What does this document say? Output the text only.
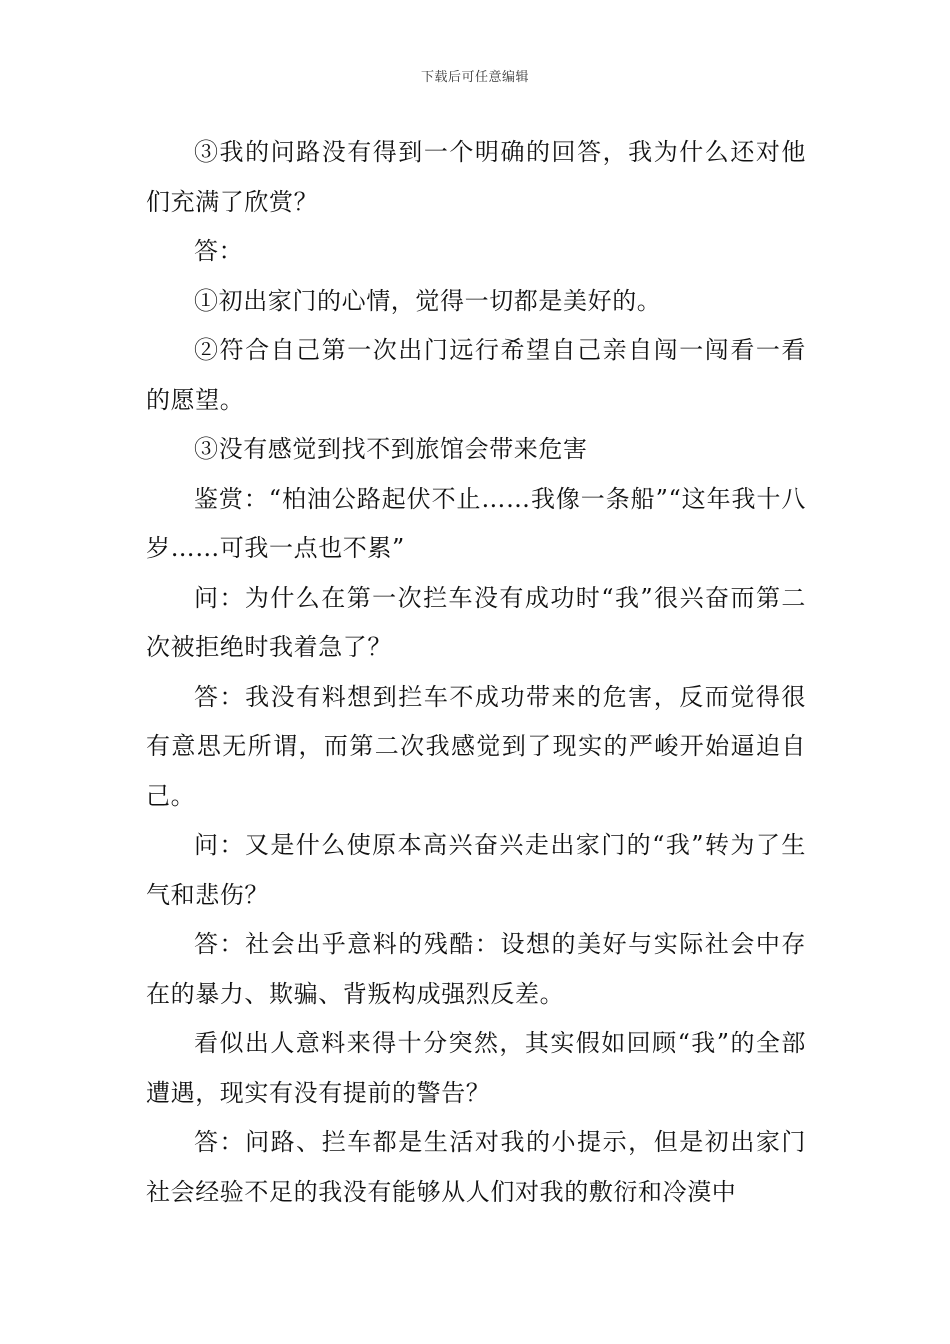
下载后可任意编辑

③我的问路没有得到一个明确的回答，我为什么还对他们充满了欣赏？

答：

①初出家门的心情，觉得一切都是美好的。

②符合自己第一次出门远行希望自己亲自闯一闯看一看的愿望。

③没有感觉到找不到旅馆会带来危害

鉴赏：“柏油公路起伏不止……我像一条船”“这年我十八岁……可我一点也不累”

问：为什么在第一次拦车没有成功时“我”很兴奋而第二次被拒绝时我着急了？

答：我没有料想到拦车不成功带来的危害，反而觉得很有意思无所谓，而第二次我感觉到了现实的严峻开始逼迫自己。

问：又是什么使原本高兴奋兴走出家门的“我”转为了生气和悲伤？

答：社会出乎意料的残酷：设想的美好与实际社会中存在的暴力、欺骗、背叛构成强烈反差。

看似出人意料来得十分突然，其实假如回顾“我”的全部遭遇，现实有没有提前的警告？

答：问路、拦车都是生活对我的小提示，但是初出家门社会经验不足的我没有能够从人们对我的敷衍和冷漠中
